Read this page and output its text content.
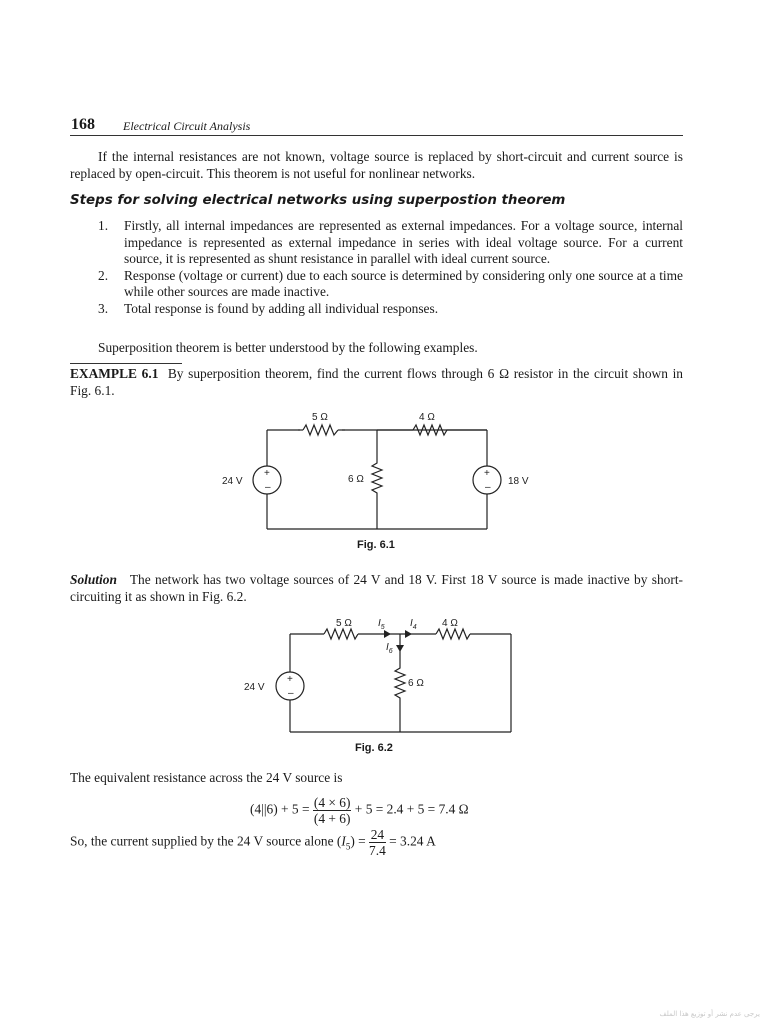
168 Electrical Circuit Analysis
If the internal resistances are not known, voltage source is replaced by short-circuit and current source is replaced by open-circuit. This theorem is not useful for nonlinear networks.
Steps for solving electrical networks using superpostion theorem
1. Firstly, all internal impedances are represented as external impedances. For a voltage source, internal impedance is represented as external impedance in series with ideal voltage source. For a current source, it is represented as shunt resistance in parallel with ideal current source.
2. Response (voltage or current) due to each source is determined by considering only one source at a time while other sources are made inactive.
3. Total response is found by adding all individual responses.
Superposition theorem is better understood by the following examples.
EXAMPLE 6.1 By superposition theorem, find the current flows through 6 Ω resistor in the circuit shown in Fig. 6.1.
5 Ω	4 Ω
6 Ω
24 V	18 V
+
–
+
–
Fig. 6.1
Solution The network has two voltage sources of 24 V and 18 V. First 18 V source is made inactive by short-circuiting it as shown in Fig. 6.2.
5 Ω	4 Ω
6 Ω
24 V
+
–
$I_5$	$I_4$
$I_6$
Fig. 6.2
The equivalent resistance across the 24 V source is
$(4||6) + 5 = \frac{(4 \times 6)}{(4 + 6)} + 5 = 2.4 + 5 = 7.4$ Ω
So, the current supplied by the 24 V source alone $(I_5) = \frac{24}{7.4} = 3.24$ A
يرجى عدم نشر أو توزيع هذا الملف
